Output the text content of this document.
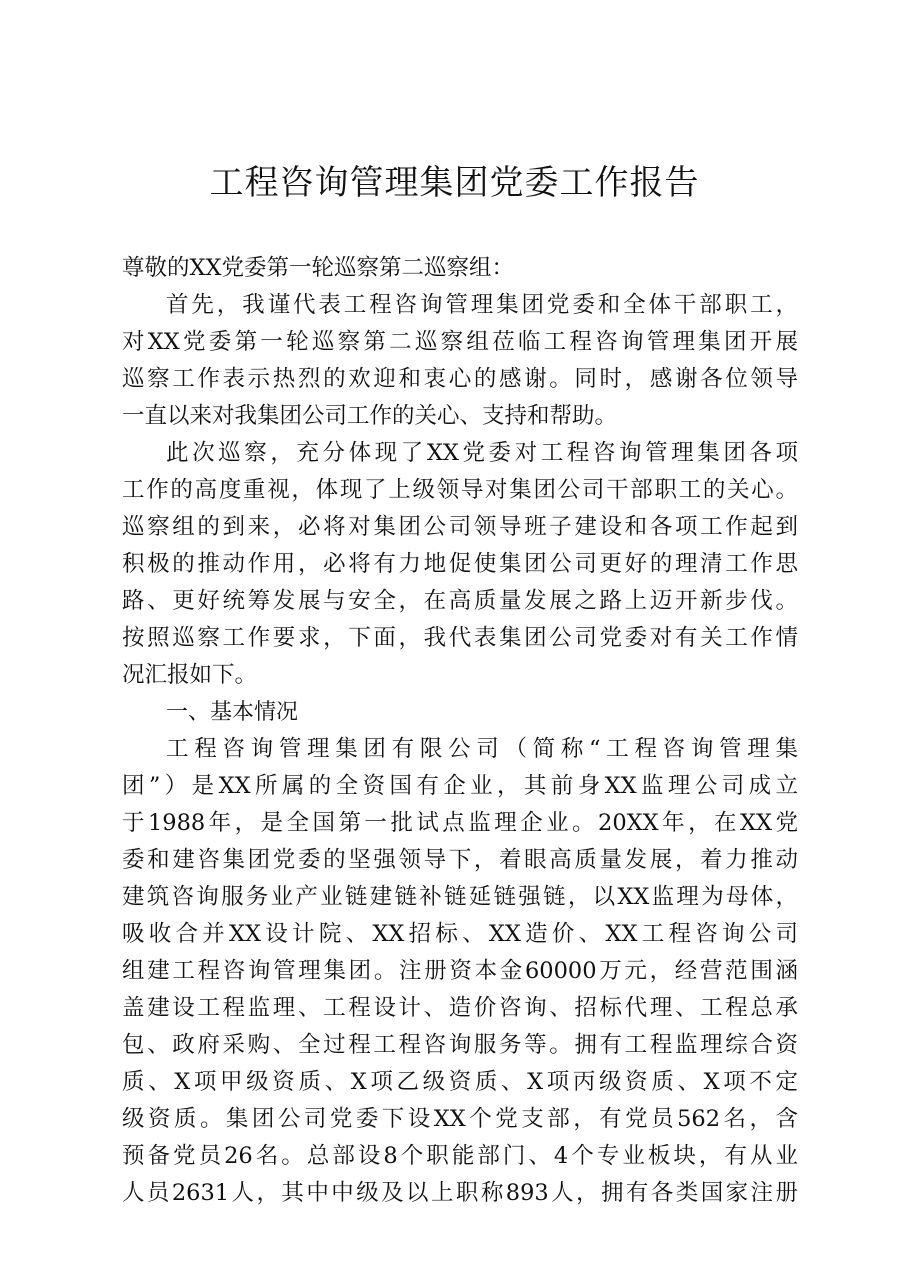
工程咨询管理集团党委工作报告
尊敬的XX党委第一轮巡察第二巡察组：
首先，我谨代表工程咨询管理集团党委和全体干部职工，
对XX党委第一轮巡察第二巡察组莅临工程咨询管理集团开展
巡察工作表示热烈的欢迎和衷心的感谢。同时，感谢各位领导
一直以来对我集团公司工作的关心、支持和帮助。
此次巡察，充分体现了XX党委对工程咨询管理集团各项
工作的高度重视，体现了上级领导对集团公司干部职工的关心。
巡察组的到来，必将对集团公司领导班子建设和各项工作起到
积极的推动作用，必将有力地促使集团公司更好的理清工作思
路、更好统筹发展与安全，在高质量发展之路上迈开新步伐。
按照巡察工作要求，下面，我代表集团公司党委对有关工作情
况汇报如下。
一、基本情况
工程咨询管理集团有限公司（简称“工程咨询管理集
团”）是XX所属的全资国有企业，其前身XX监理公司成立
于1988年，是全国第一批试点监理企业。20XX年，在XX党
委和建咨集团党委的坚强领导下，着眼高质量发展，着力推动
建筑咨询服务业产业链建链补链延链强链，以XX监理为母体，
吸收合并XX设计院、XX招标、XX造价、XX工程咨询公司
组建工程咨询管理集团。注册资本金60000万元，经营范围涵
盖建设工程监理、工程设计、造价咨询、招标代理、工程总承
包、政府采购、全过程工程咨询服务等。拥有工程监理综合资
质、X项甲级资质、X项乙级资质、X项丙级资质、X项不定
级资质。集团公司党委下设XX个党支部，有党员562名，含
预备党员26名。总部设8个职能部门、4个专业板块，有从业
人员2631人，其中中级及以上职称893人，拥有各类国家注册
